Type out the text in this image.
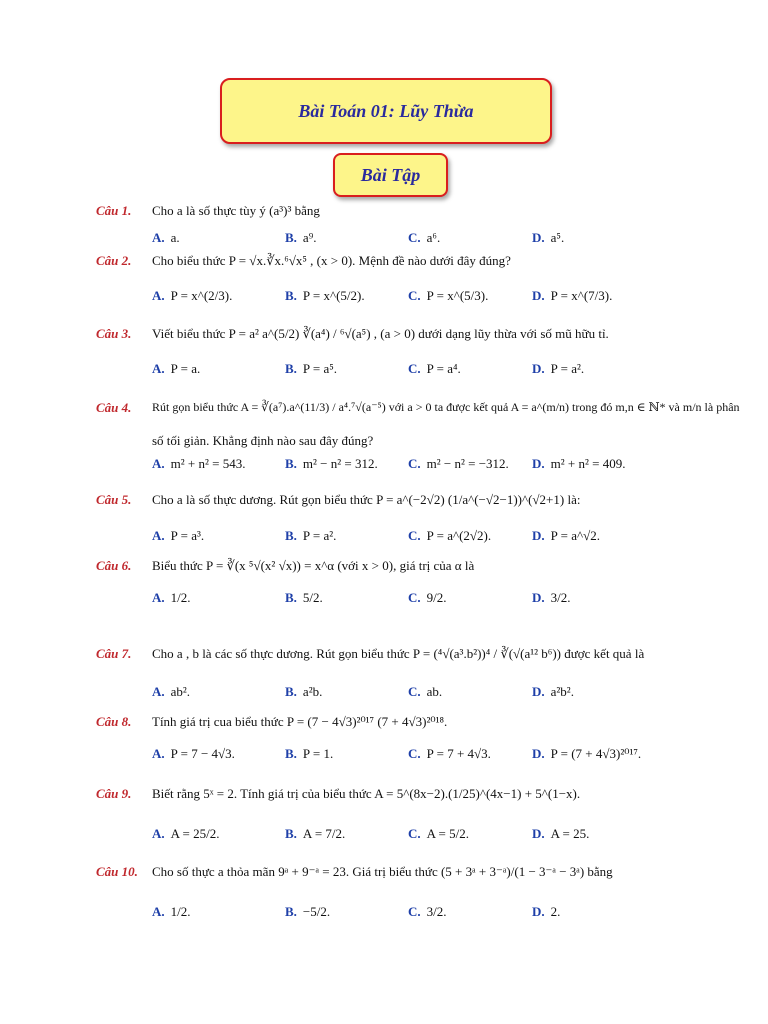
Bài Toán 01: Lũy Thừa
Bài Tập
Câu 1.	Cho a là số thực tùy ý (a³)³ bằng
A. a.	B. a⁹.	C. a⁶.	D. a⁵.
Câu 2.	Cho biểu thức P = √x.∛x.⁶√x⁵ , (x > 0). Mệnh đề nào dưới đây đúng?
A. P = x^(2/3).	B. P = x^(5/2).	C. P = x^(5/3).	D. P = x^(7/3).
Câu 3.	Viết biểu thức P = a² a^(5/2) ∛(a⁴) / ⁶√(a⁵) , (a > 0) dưới dạng lũy thừa với số mũ hữu tỉ.
A. P = a.	B. P = a⁵.	C. P = a⁴.	D. P = a².
Câu 4.	Rút gọn biểu thức A = ∛(a⁷).a^(11/3) / a⁴.⁷√(a⁻⁵) với a > 0 ta được kết quả A = a^(m/n) trong đó m,n ∈ ℕ* và m/n là phân
số tối giản. Khẳng định nào sau đây đúng?
A. m² + n² = 543.	B. m² − n² = 312. C. m² − n² = −312. D. m² + n² = 409.
Câu 5.	Cho a là số thực dương. Rút gọn biểu thức P = a^(−2√2) (1/a^(−√2−1))^(√2+1) là:
A. P = a³.	B. P = a².	C. P = a^(2√2).	D. P = a^√2.
Câu 6.	Biểu thức P = ∛(x ⁵√(x² √x)) = x^α (với x > 0), giá trị của α là
A. 1/2.	B. 5/2.	C. 9/2.	D. 3/2.
Câu 7.	Cho a , b là các số thực dương. Rút gọn biểu thức P = (⁴√(a³.b²))⁴ / ∛(√(a¹² b⁶)) được kết quả là
A. ab².	B. a²b.	C. ab.	D. a²b².
Câu 8.	Tính giá trị cua biểu thức P = (7 − 4√3)²⁰¹⁷ (7 + 4√3)²⁰¹⁸.
A. P = 7 − 4√3.	B. P = 1.	C. P = 7 + 4√3.	D. P = (7 + 4√3)²⁰¹⁷.
Câu 9.	Biết rằng 5ˣ = 2. Tính giá trị của biểu thức A = 5^(8x−2).(1/25)^(4x−1) + 5^(1−x).
A. A = 25/2.	B. A = 7/2.	C. A = 5/2.	D. A = 25.
Câu 10.	Cho số thực a thỏa mãn 9ᵃ + 9⁻ᵃ = 23. Giá trị biểu thức (5 + 3ᵃ + 3⁻ᵃ)/(1 − 3⁻ᵃ − 3ᵃ) bằng
A. 1/2.	B. −5/2.	C. 3/2.	D. 2.
